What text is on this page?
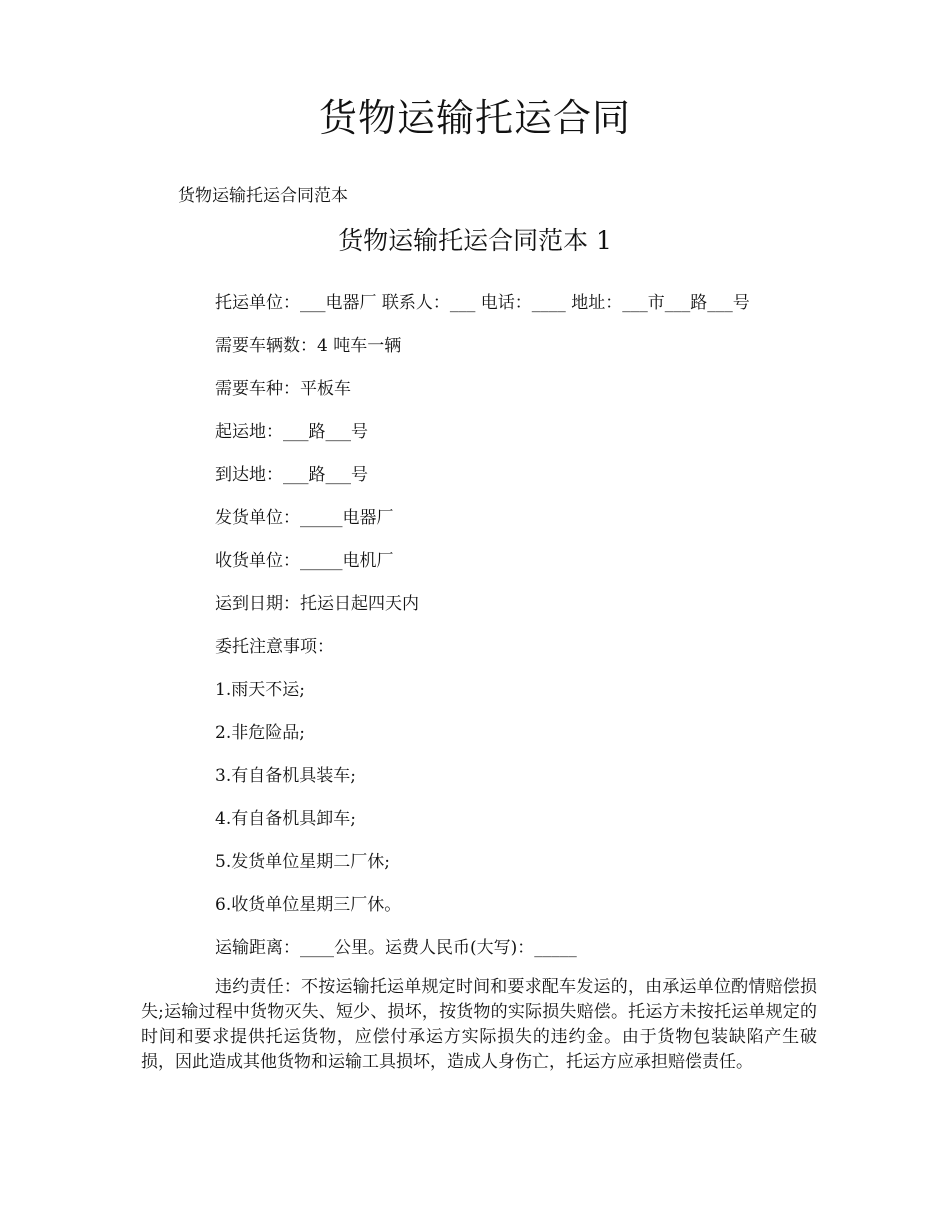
货物运输托运合同

货物运输托运合同范本

货物运输托运合同范本 1
托运单位：___电器厂 联系人：___ 电话：____ 地址：___市___路___号
需要车辆数：4 吨车一辆
需要车种：平板车
起运地：___路___号
到达地：___路___号
发货单位：_____电器厂
收货单位：_____电机厂
运到日期：托运日起四天内
委托注意事项：
1.雨天不运;
2.非危险品;
3.有自备机具装车;
4.有自备机具卸车;
5.发货单位星期二厂休;
6.收货单位星期三厂休。
运输距离：____公里。运费人民币(大写)：_____

违约责任：不按运输托运单规定时间和要求配车发运的，由承运单位酌情赔偿损失;运输过程中货物灭失、短少、损坏，按货物的实际损失赔偿。托运方未按托运单规定的时间和要求提供托运货物，应偿付承运方实际损失的违约金。由于货物包装缺陷产生破损，因此造成其他货物和运输工具损坏，造成人身伤亡，托运方应承担赔偿责任。
